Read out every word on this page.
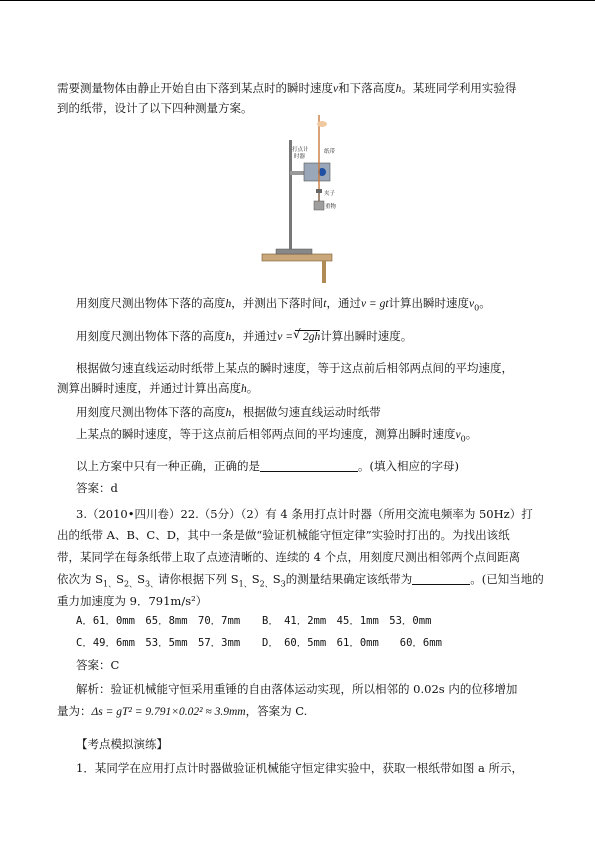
需要测量物体由静止开始自由下落到某点时的瞬时速度v和下落高度h。某班同学利用实验得
到的纸带，设计了以下四种测量方案。
打点计
时器
纸带
夹子
重物
用刻度尺测出物体下落的高度h，并测出下落时间t，通过v = gt计算出瞬时速度$v_0$。
用刻度尺测出物体下落的高度h，并通过v =√ 2gh计算出瞬时速度。
根据做匀速直线运动时纸带上某点的瞬时速度，等于这点前后相邻两点间的平均速度，
测算出瞬时速度，并通过计算出高度h。
用刻度尺测出物体下落的高度h，根据做匀速直线运动时纸带
上某点的瞬时速度，等于这点前后相邻两点间的平均速度，测算出瞬时速度$v_0$。
以上方案中只有一种正确，正确的是	。(填入相应的字母)
答案：d
3.（2010•四川卷）22.（5分）（2）有 4 条用打点计时器（所用交流电频率为 50Hz）打
出的纸带 A、B、C、D，其中一条是做“验证机械能守恒定律”实验时打出的。为找出该纸
带，某同学在每条纸带上取了点迹清晰的、连续的 4 个点，用刻度尺测出相邻两个点间距离
依次为 $S_{1、}S_{2、}S_{3、}$请你根据下列 $S_{1、}S_{2、}S_3$的测量结果确定该纸带为	。(已知当地的
重力加速度为 9．791m/s²）
A．61．0mm　65．8mm　70．7mm B．　41．2mm　45．1mm　53．0mm
C．49．6mm　53．5mm　57．3mm D．　60．5mm　61．0mm　　60．6mm
答案：C
解析：验证机械能守恒采用重锤的自由落体运动实现，所以相邻的 0.02s 内的位移增加
量为：Δs = gT² = 9.791×0.02² ≈ 3.9mm，答案为 C.
【考点模拟演练】
1．某同学在应用打点计时器做验证机械能守恒定律实验中，获取一根纸带如图 a 所示，
